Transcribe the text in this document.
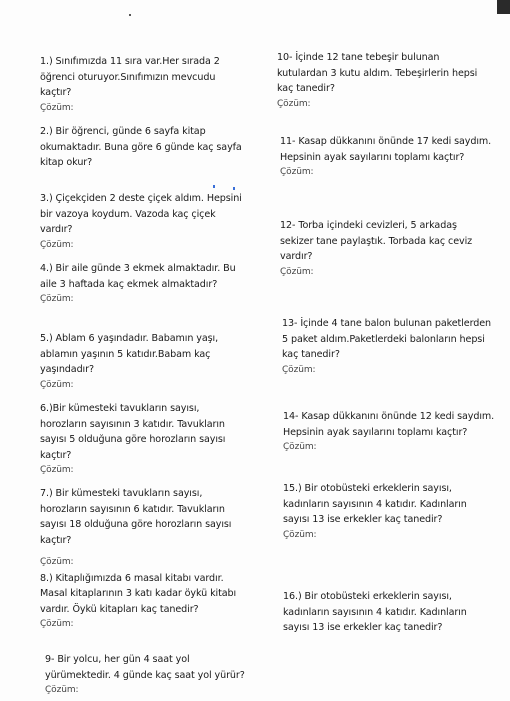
1.) Sınıfımızda 11 sıra var.Her sırada 2

öğrenci oturuyor.Sınıfımızın mevcudu

kaçtır?

Çözüm:

2.) Bir öğrenci, günde 6 sayfa kitap

okumaktadır. Buna göre 6 günde kaç sayfa

kitap okur?

3.) Çiçekçiden 2 deste çiçek aldım. Hepsini

bir vazoya koydum. Vazoda kaç çiçek

vardır?

Çözüm:

4.) Bir aile günde 3 ekmek almaktadır. Bu

aile 3 haftada kaç ekmek almaktadır?

Çözüm:

5.) Ablam 6 yaşındadır. Babamın yaşı,

ablamın yaşının 5 katıdır.Babam kaç

yaşındadır?

Çözüm:

6.)Bir kümesteki tavukların sayısı,

horozların sayısının 3 katıdır. Tavukların

sayısı 5 olduğuna göre horozların sayısı

kaçtır?

Çözüm:

7.) Bir kümesteki tavukların sayısı,

horozların sayısının 6 katıdır. Tavukların

sayısı 18 olduğuna göre horozların sayısı

kaçtır?

Çözüm:

8.) Kitaplığımızda 6 masal kitabı vardır.

Masal kitaplarının 3 katı kadar öykü kitabı

vardır. Öykü kitapları kaç tanedir?

Çözüm:

9- Bir yolcu, her gün 4 saat yol

yürümektedir. 4 günde kaç saat yol yürür?

Çözüm:

10- İçinde 12 tane tebeşir bulunan

kutulardan 3 kutu aldım. Tebeşirlerin hepsi

kaç tanedir?

Çözüm:

11- Kasap dükkanını önünde 17 kedi saydım.

Hepsinin ayak sayılarını toplamı kaçtır?

Çözüm:

12- Torba içindeki cevizleri, 5 arkadaş

sekizer tane paylaştık. Torbada kaç ceviz

vardır?

Çözüm:

13- İçinde 4 tane balon bulunan paketlerden

5 paket aldım.Paketlerdeki balonların hepsi

kaç tanedir?

Çözüm:

14- Kasap dükkanını önünde 12 kedi saydım.

Hepsinin ayak sayılarını toplamı kaçtır?

Çözüm:

15.) Bir otobüsteki erkeklerin sayısı,

kadınların sayısının 4 katıdır. Kadınların

sayısı 13 ise erkekler kaç tanedir?

Çözüm:

16.) Bir otobüsteki erkeklerin sayısı,

kadınların sayısının 4 katıdır. Kadınların

sayısı 13 ise erkekler kaç tanedir?
